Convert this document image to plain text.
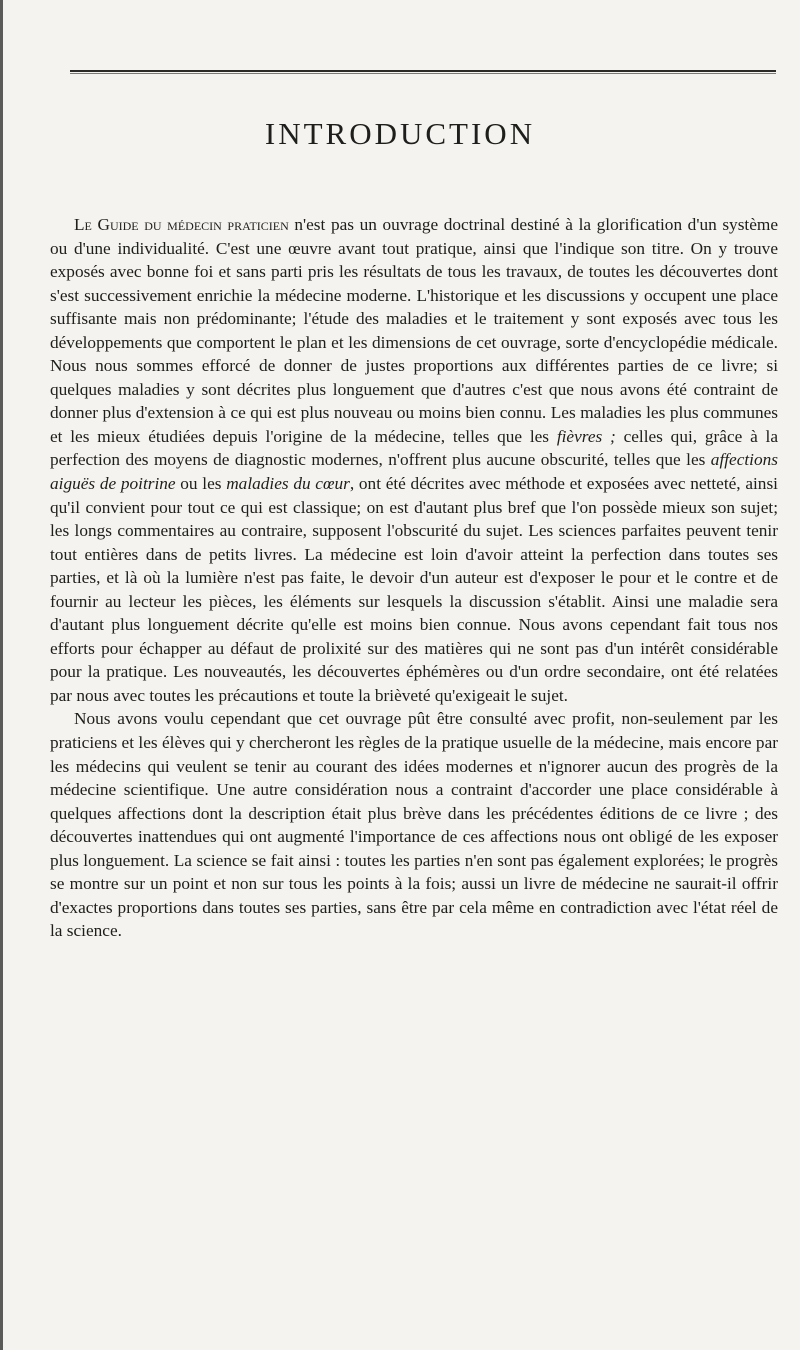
INTRODUCTION

Le Guide du médecin praticien n'est pas un ouvrage doctrinal destiné à la glorification d'un système ou d'une individualité. C'est une œuvre avant tout pratique, ainsi que l'indique son titre. On y trouve exposés avec bonne foi et sans parti pris les résultats de tous les travaux, de toutes les découvertes dont s'est successivement enrichie la médecine moderne. L'historique et les discussions y occupent une place suffisante mais non prédominante; l'étude des maladies et le traitement y sont exposés avec tous les développements que comportent le plan et les dimensions de cet ouvrage, sorte d'encyclopédie médicale. Nous nous sommes efforcé de donner de justes proportions aux différentes parties de ce livre; si quelques maladies y sont décrites plus longuement que d'autres c'est que nous avons été contraint de donner plus d'extension à ce qui est plus nouveau ou moins bien connu. Les maladies les plus communes et les mieux étudiées depuis l'origine de la médecine, telles que les fièvres ; celles qui, grâce à la perfection des moyens de diagnostic modernes, n'offrent plus aucune obscurité, telles que les affections aiguës de poitrine ou les maladies du cœur, ont été décrites avec méthode et exposées avec netteté, ainsi qu'il convient pour tout ce qui est classique; on est d'autant plus bref que l'on possède mieux son sujet; les longs commentaires au contraire, supposent l'obscurité du sujet. Les sciences parfaites peuvent tenir tout entières dans de petits livres. La médecine est loin d'avoir atteint la perfection dans toutes ses parties, et là où la lumière n'est pas faite, le devoir d'un auteur est d'exposer le pour et le contre et de fournir au lecteur les pièces, les éléments sur lesquels la discussion s'établit. Ainsi une maladie sera d'autant plus longuement décrite qu'elle est moins bien connue. Nous avons cependant fait tous nos efforts pour échapper au défaut de prolixité sur des matières qui ne sont pas d'un intérêt considérable pour la pratique. Les nouveautés, les découvertes éphémères ou d'un ordre secondaire, ont été relatées par nous avec toutes les précautions et toute la brièveté qu'exigeait le sujet.

Nous avons voulu cependant que cet ouvrage pût être consulté avec profit, non-seulement par les praticiens et les élèves qui y chercheront les règles de la pratique usuelle de la médecine, mais encore par les médecins qui veulent se tenir au courant des idées modernes et n'ignorer aucun des progrès de la médecine scientifique. Une autre considération nous a contraint d'accorder une place considérable à quelques affections dont la description était plus brève dans les précédentes éditions de ce livre ; des découvertes inattendues qui ont augmenté l'importance de ces affections nous ont obligé de les exposer plus longuement. La science se fait ainsi : toutes les parties n'en sont pas également explorées; le progrès se montre sur un point et non sur tous les points à la fois; aussi un livre de médecine ne saurait-il offrir d'exactes proportions dans toutes ses parties, sans être par cela même en contradiction avec l'état réel de la science.
